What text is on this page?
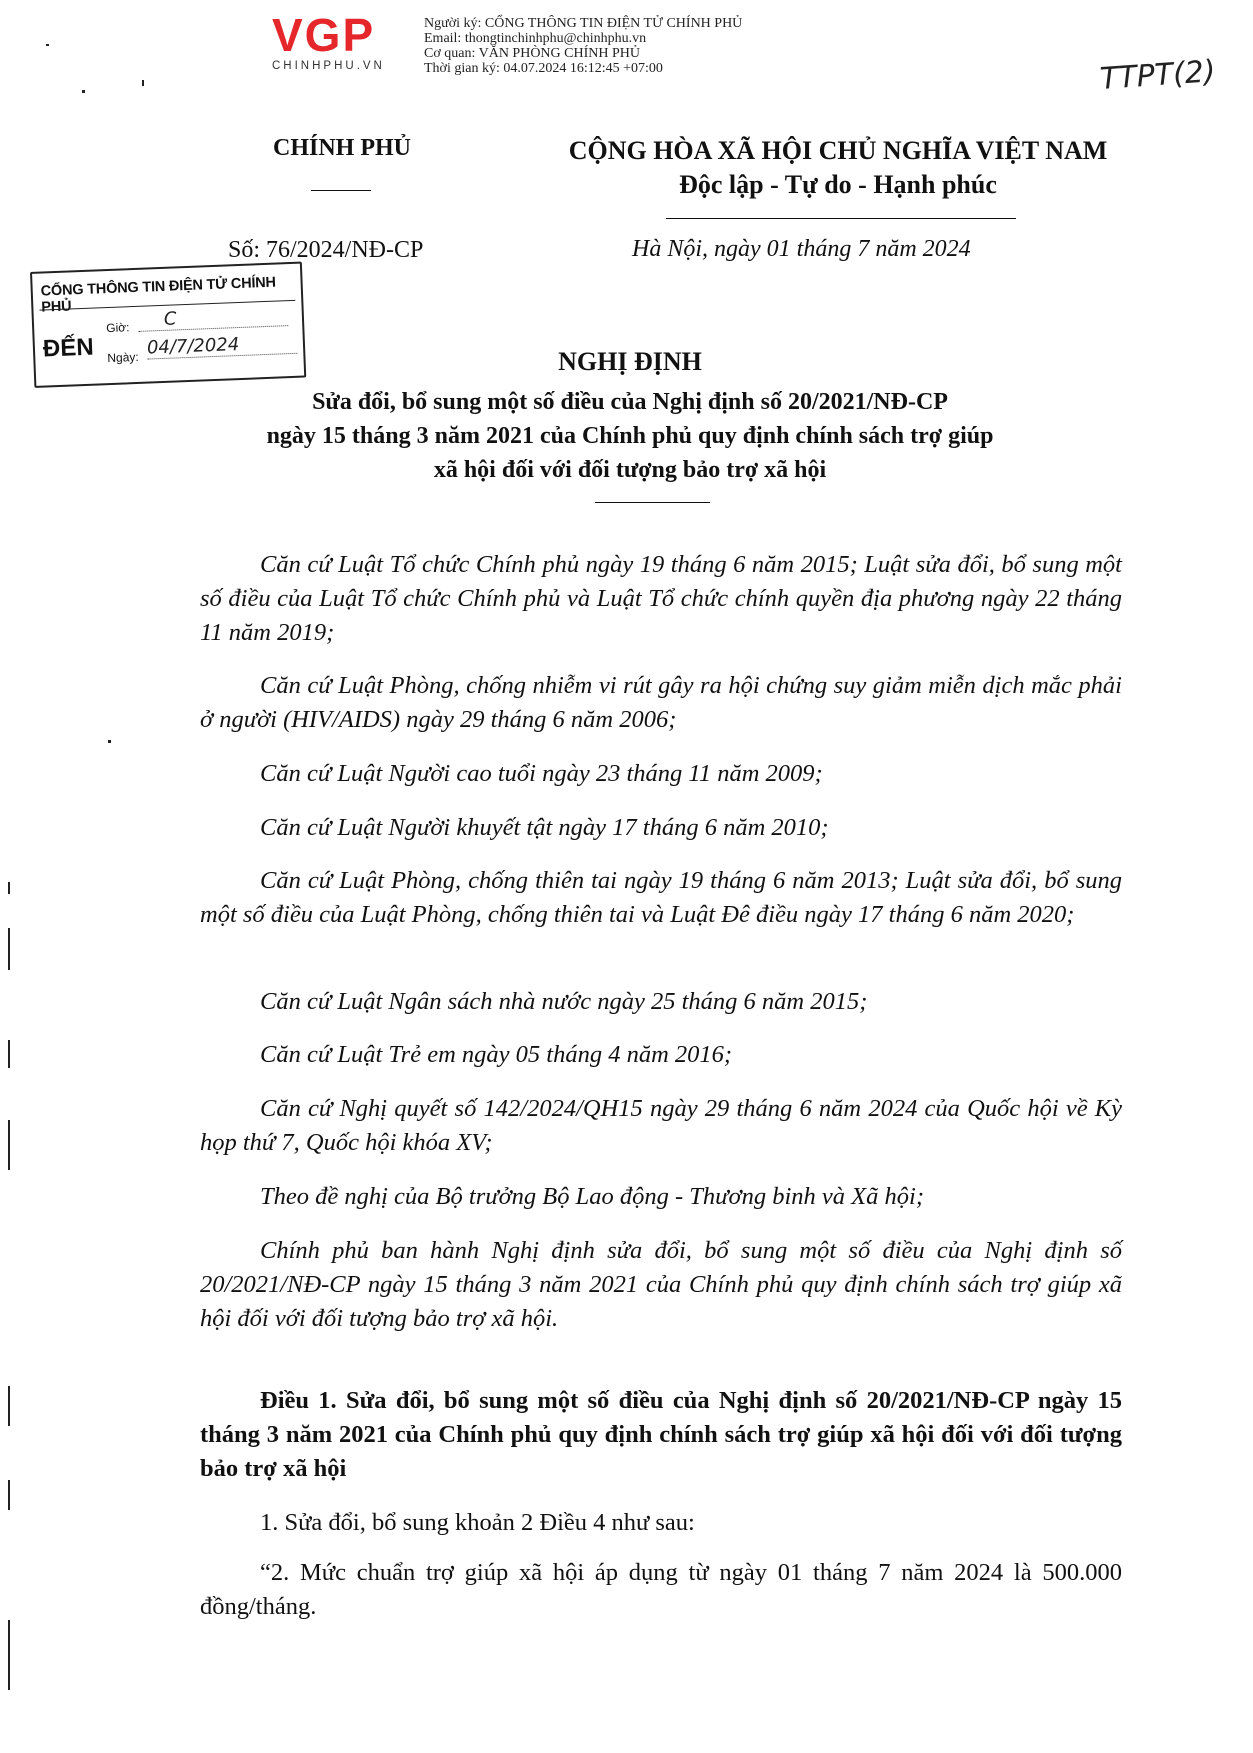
VGP
CHINHPHU.VN
Người ký: CỔNG THÔNG TIN ĐIỆN TỬ CHÍNH PHỦ
Email: thongtinchinhphu@chinhphu.vn
Cơ quan: VĂN PHÒNG CHÍNH PHỦ
Thời gian ký: 04.07.2024 16:12:45 +07:00	TTPT(2)
CHÍNH PHỦ	CỘNG HÒA XÃ HỘI CHỦ NGHĨA VIỆT NAM
Độc lập - Tự do - Hạnh phúc
Số: 76/2024/NĐ-CP	Hà Nội, ngày 01 tháng 7 năm 2024
CỔNG THÔNG TIN ĐIỆN TỬ CHÍNH PHỦ
ĐẾN
Giờ:	C
Ngày: 04/7/2024
NGHỊ ĐỊNH
Sửa đổi, bổ sung một số điều của Nghị định số 20/2021/NĐ-CP
ngày 15 tháng 3 năm 2021 của Chính phủ quy định chính sách trợ giúp
xã hội đối với đối tượng bảo trợ xã hội
Căn cứ Luật Tổ chức Chính phủ ngày 19 tháng 6 năm 2015; Luật sửa đổi, bổ sung một số điều của Luật Tổ chức Chính phủ và Luật Tổ chức chính quyền địa phương ngày 22 tháng 11 năm 2019;
Căn cứ Luật Phòng, chống nhiễm vi rút gây ra hội chứng suy giảm miễn dịch mắc phải ở người (HIV/AIDS) ngày 29 tháng 6 năm 2006;
Căn cứ Luật Người cao tuổi ngày 23 tháng 11 năm 2009;
Căn cứ Luật Người khuyết tật ngày 17 tháng 6 năm 2010;
Căn cứ Luật Phòng, chống thiên tai ngày 19 tháng 6 năm 2013; Luật sửa đổi, bổ sung một số điều của Luật Phòng, chống thiên tai và Luật Đê điều ngày 17 tháng 6 năm 2020;
Căn cứ Luật Ngân sách nhà nước ngày 25 tháng 6 năm 2015;
Căn cứ Luật Trẻ em ngày 05 tháng 4 năm 2016;
Căn cứ Nghị quyết số 142/2024/QH15 ngày 29 tháng 6 năm 2024 của Quốc hội về Kỳ họp thứ 7, Quốc hội khóa XV;
Theo đề nghị của Bộ trưởng Bộ Lao động - Thương binh và Xã hội;
Chính phủ ban hành Nghị định sửa đổi, bổ sung một số điều của Nghị định số 20/2021/NĐ-CP ngày 15 tháng 3 năm 2021 của Chính phủ quy định chính sách trợ giúp xã hội đối với đối tượng bảo trợ xã hội.
Điều 1. Sửa đổi, bổ sung một số điều của Nghị định số 20/2021/NĐ-CP ngày 15 tháng 3 năm 2021 của Chính phủ quy định chính sách trợ giúp xã hội đối với đối tượng bảo trợ xã hội
1. Sửa đổi, bổ sung khoản 2 Điều 4 như sau:
“2. Mức chuẩn trợ giúp xã hội áp dụng từ ngày 01 tháng 7 năm 2024 là 500.000 đồng/tháng.
